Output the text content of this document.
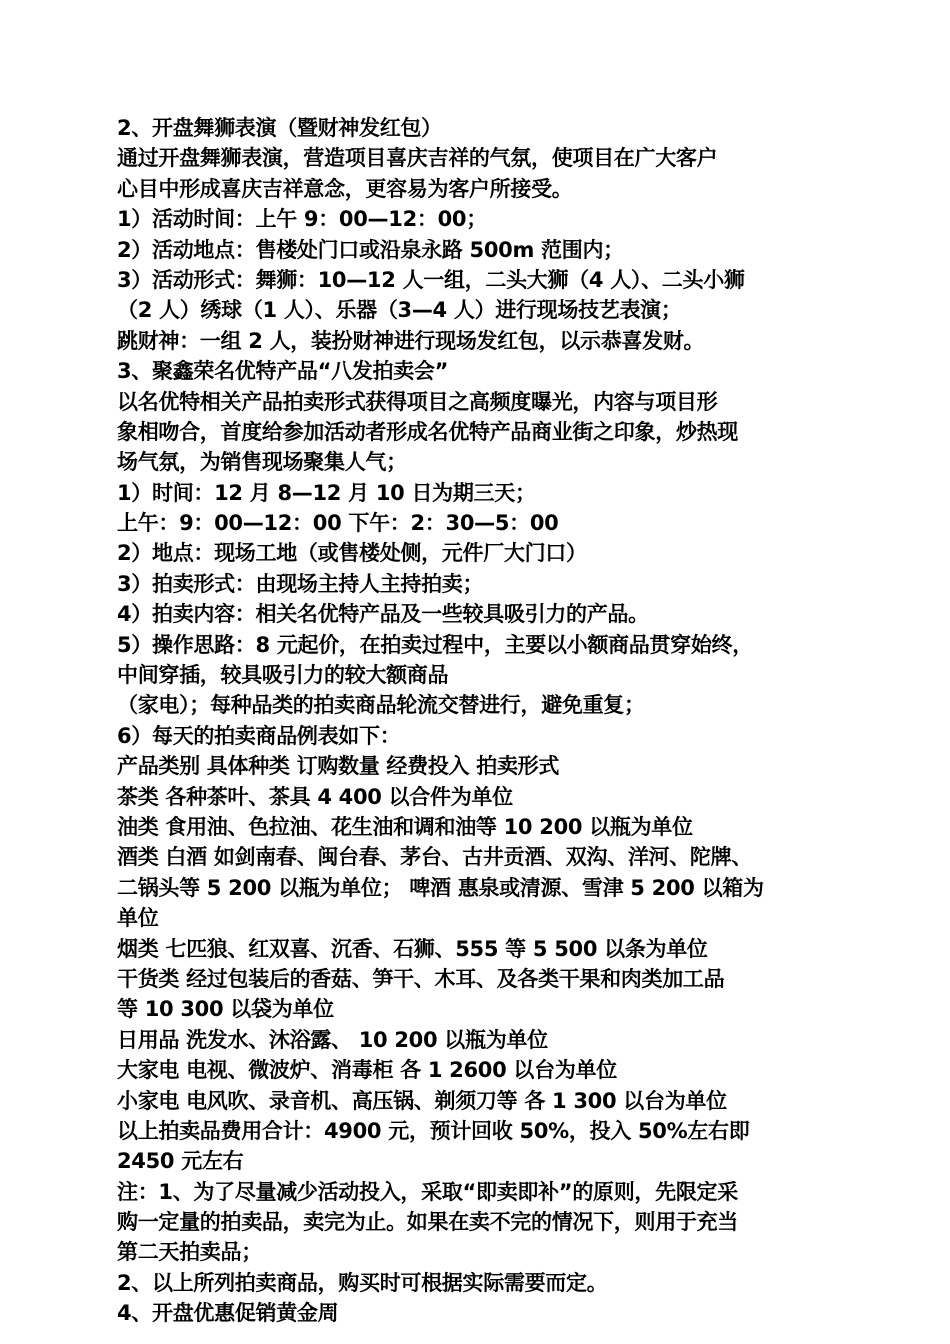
2、开盘舞狮表演（暨财神发红包）
通过开盘舞狮表演，营造项目喜庆吉祥的气氛，使项目在广大客户
心目中形成喜庆吉祥意念，更容易为客户所接受。
1）活动时间：上午 9：00—12：00；
2）活动地点：售楼处门口或沿泉永路 500m 范围内；
3）活动形式：舞狮：10—12 人一组，二头大狮（4 人）、二头小狮
（2 人）绣球（1 人）、乐器（3—4 人）进行现场技艺表演；
跳财神：一组 2 人，装扮财神进行现场发红包，以示恭喜发财。
3、聚鑫荣名优特产品“八发拍卖会”
以名优特相关产品拍卖形式获得项目之高频度曝光，内容与项目形
象相吻合，首度给参加活动者形成名优特产品商业街之印象，炒热现
场气氛，为销售现场聚集人气；
1）时间：12 月 8—12 月 10 日为期三天；
上午：9：00—12：00 下午：2：30—5：00
2）地点：现场工地（或售楼处侧，元件厂大门口）
3）拍卖形式：由现场主持人主持拍卖；
4）拍卖内容：相关名优特产品及一些较具吸引力的产品。
5）操作思路：8 元起价，在拍卖过程中，主要以小额商品贯穿始终，
中间穿插，较具吸引力的较大额商品
（家电）；每种品类的拍卖商品轮流交替进行，避免重复；
6）每天的拍卖商品例表如下：
产品类别 具体种类 订购数量 经费投入 拍卖形式
茶类 各种茶叶、茶具 4 400 以合件为单位
油类 食用油、色拉油、花生油和调和油等 10 200 以瓶为单位
酒类 白酒 如剑南春、闽台春、茅台、古井贡酒、双沟、洋河、陀牌、
二锅头等 5 200 以瓶为单位； 啤酒 惠泉或清源、雪津 5 200 以箱为
单位
烟类 七匹狼、红双喜、沉香、石狮、555 等 5 500 以条为单位
干货类 经过包装后的香菇、笋干、木耳、及各类干果和肉类加工品
等 10 300 以袋为单位
日用品 洗发水、沐浴露、 10 200 以瓶为单位
大家电 电视、微波炉、消毒柜 各 1 2600 以台为单位
小家电 电风吹、录音机、高压锅、剃须刀等 各 1 300 以台为单位
以上拍卖品费用合计：4900 元，预计回收 50%，投入 50%左右即
2450 元左右
注：1、为了尽量减少活动投入，采取“即卖即补”的原则，先限定采
购一定量的拍卖品，卖完为止。如果在卖不完的情况下，则用于充当
第二天拍卖品；
2、以上所列拍卖商品，购买时可根据实际需要而定。
4、开盘优惠促销黄金周
